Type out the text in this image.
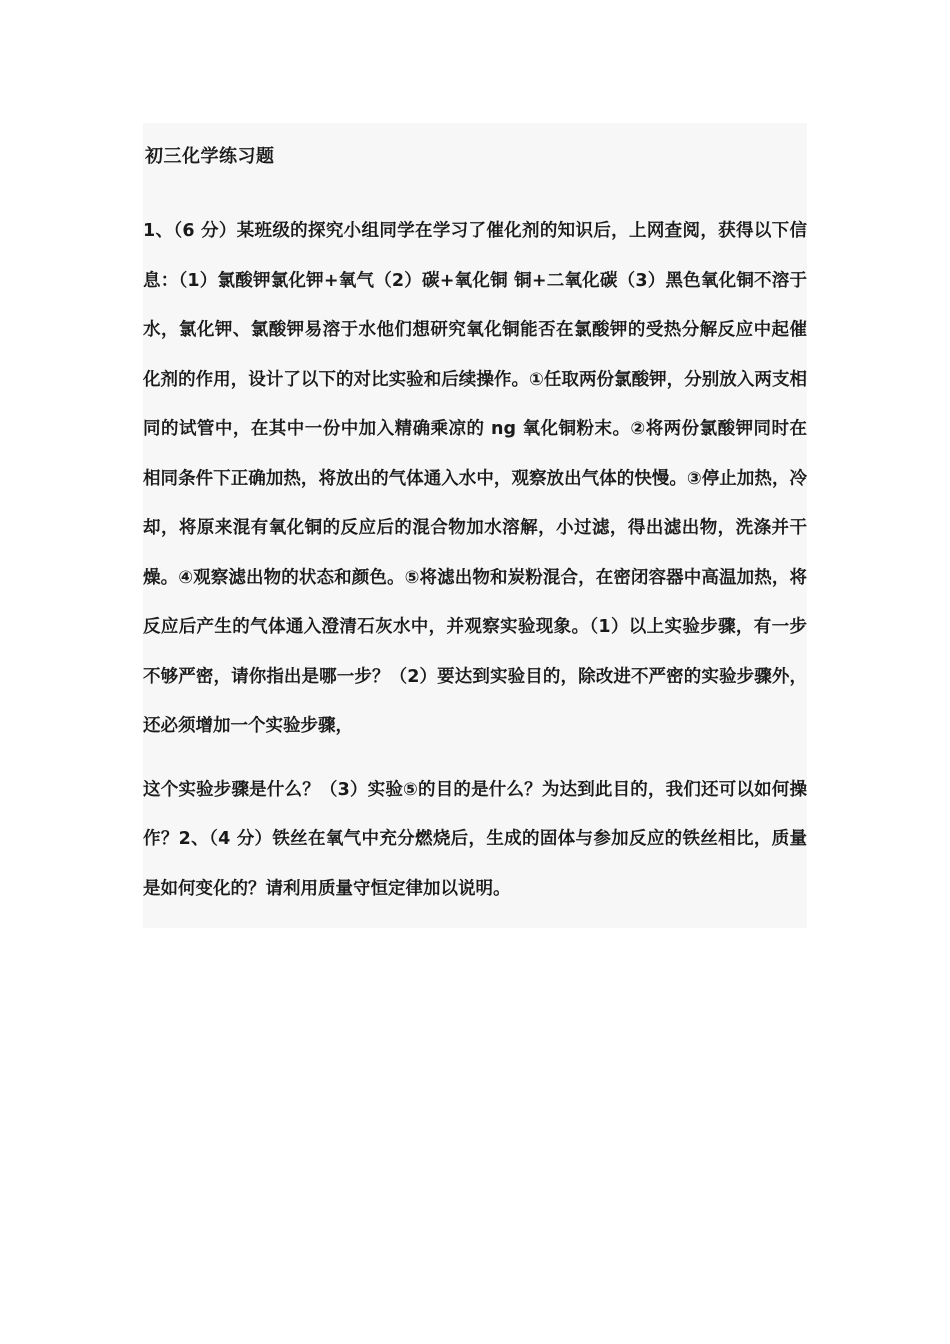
初三化学练习题

1、（6 分）某班级的探究小组同学在学习了催化剂的知识后，上网查阅，获得以下信息：（1）氯酸钾氯化钾+氧气（2）碳+氧化铜 铜+二氧化碳（3）黑色氧化铜不溶于水，氯化钾、氯酸钾易溶于水他们想研究氧化铜能否在氯酸钾的受热分解反应中起催化剂的作用，设计了以下的对比实验和后续操作。①任取两份氯酸钾，分别放入两支相同的试管中，在其中一份中加入精确乘凉的 ng 氧化铜粉末。②将两份氯酸钾同时在相同条件下正确加热，将放出的气体通入水中，观察放出气体的快慢。③停止加热，冷却，将原来混有氧化铜的反应后的混合物加水溶解，小过滤，得出滤出物，洗涤并干燥。④观察滤出物的状态和颜色。⑤将滤出物和炭粉混合，在密闭容器中高温加热，将反应后产生的气体通入澄清石灰水中，并观察实验现象。（1）以上实验步骤，有一步不够严密，请你指出是哪一步？（2）要达到实验目的，除改进不严密的实验步骤外，还必须增加一个实验步骤，

这个实验步骤是什么？（3）实验⑤的目的是什么？为达到此目的，我们还可以如何操作？2、（4 分）铁丝在氧气中充分燃烧后，生成的固体与参加反应的铁丝相比，质量是如何变化的？请利用质量守恒定律加以说明。
